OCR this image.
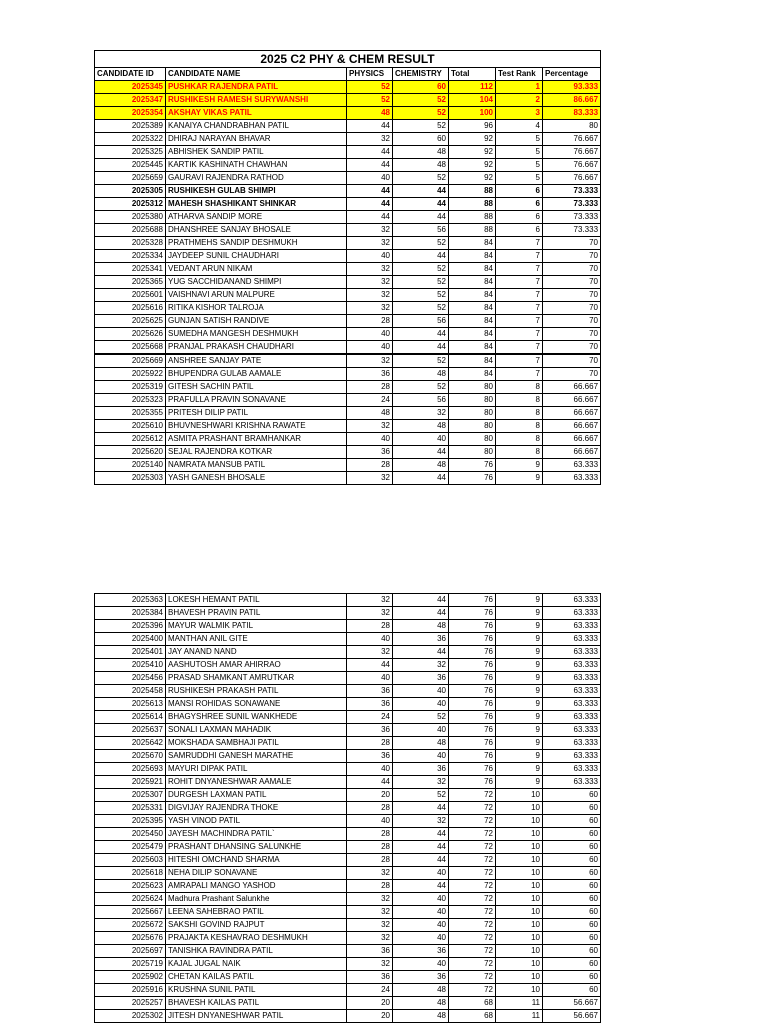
2025 C2 PHY & CHEM RESULT						
CANDIDATE ID	CANDIDATE NAME	PHYSICS	CHEMISTRY	Total	Test Rank	Percentage
2025345	PUSHKAR RAJENDRA PATIL	52	60	112	1	93.333
2025347	RUSHIKESH RAMESH SURYWANSHI	52	52	104	2	86.667
2025354	AKSHAY VIKAS PATIL	48	52	100	3	83.333
2025389	KANAIYA CHANDRABHAN PATIL	44	52	96	4	80
2025322	DHIRAJ NARAYAN BHAVAR	32	60	92	5	76.667
2025325	ABHISHEK SANDIP PATIL	44	48	92	5	76.667
2025445	KARTIK KASHINATH CHAWHAN	44	48	92	5	76.667
2025659	GAURAVI RAJENDRA RATHOD	40	52	92	5	76.667
2025305	RUSHIKESH GULAB SHIMPI	44	44	88	6	73.333
2025312	MAHESH SHASHIKANT SHINKAR	44	44	88	6	73.333
2025380	ATHARVA SANDIP MORE	44	44	88	6	73.333
2025688	DHANSHREE SANJAY BHOSALE	32	56	88	6	73.333
2025328	PRATHMEHS SANDIP DESHMUKH	32	52	84	7	70
2025334	JAYDEEP SUNIL CHAUDHARI	40	44	84	7	70
2025341	VEDANT ARUN NIKAM	32	52	84	7	70
2025365	YUG SACCHIDANAND SHIMPI	32	52	84	7	70
2025601	VAISHNAVI ARUN MALPURE	32	52	84	7	70
2025616	RITIKA KISHOR TALROJA	32	52	84	7	70
2025625	GUNJAN SATISH RANDIVE	28	56	84	7	70
2025626	SUMEDHA MANGESH DESHMUKH	40	44	84	7	70
2025668	PRANJAL PRAKASH CHAUDHARI	40	44	84	7	70
2025669	ANSHREE SANJAY PATE	32	52	84	7	70
2025922	BHUPENDRA GULAB AAMALE	36	48	84	7	70
2025319	GITESH SACHIN PATIL	28	52	80	8	66.667
2025323	PRAFULLA PRAVIN SONAVANE	24	56	80	8	66.667
2025355	PRITESH DILIP PATIL	48	32	80	8	66.667
2025610	BHUVNESHWARI KRISHNA RAWATE	32	48	80	8	66.667
2025612	ASMITA PRASHANT BRAMHANKAR	40	40	80	8	66.667
2025620	SEJAL RAJENDRA KOTKAR	36	44	80	8	66.667
2025140	NAMRATA MANSUB PATIL	28	48	76	9	63.333
2025303	YASH GANESH BHOSALE	32	44	76	9	63.333
2025363	LOKESH HEMANT PATIL	32	44	76	9	63.333
2025384	BHAVESH PRAVIN PATIL	32	44	76	9	63.333
2025396	MAYUR WALMIK PATIL	28	48	76	9	63.333
2025400	MANTHAN ANIL GITE	40	36	76	9	63.333
2025401	JAY ANAND NAND	32	44	76	9	63.333
2025410	AASHUTOSH AMAR AHIRRAO	44	32	76	9	63.333
2025456	PRASAD SHAMKANT AMRUTKAR	40	36	76	9	63.333
2025458	RUSHIKESH PRAKASH PATIL	36	40	76	9	63.333
2025613	MANSI ROHIDAS SONAWANE	36	40	76	9	63.333
2025614	BHAGYSHREE SUNIL WANKHEDE	24	52	76	9	63.333
2025637	SONALI LAXMAN MAHADIK	36	40	76	9	63.333
2025642	MOKSHADA SAMBHAJI PATIL	28	48	76	9	63.333
2025670	SAMRUDDHI GANESH MARATHE	36	40	76	9	63.333
2025693	MAYURI DIPAK PATIL	40	36	76	9	63.333
2025921	ROHIT DNYANESHWAR AAMALE	44	32	76	9	63.333
2025307	DURGESH LAXMAN PATIL	20	52	72	10	60
2025331	DIGVIJAY RAJENDRA THOKE	28	44	72	10	60
2025395	YASH VINOD PATIL	40	32	72	10	60
2025450	JAYESH MACHINDRA PATIL`	28	44	72	10	60
2025479	PRASHANT DHANSING SALUNKHE	28	44	72	10	60
2025603	HITESHI OMCHAND SHARMA	28	44	72	10	60
2025618	NEHA DILIP SONAVANE	32	40	72	10	60
2025623	AMRAPALI MANGO YASHOD	28	44	72	10	60
2025624	Madhura Prashant Salunkhe	32	40	72	10	60
2025667	LEENA SAHEBRAO PATIL	32	40	72	10	60
2025672	SAKSHI GOVIND RAJPUT	32	40	72	10	60
2025676	PRAJAKTA KESHAVRAO DESHMUKH	32	40	72	10	60
2025697	TANISHKA RAVINDRA PATIL	36	36	72	10	60
2025719	KAJAL JUGAL NAIK	32	40	72	10	60
2025902	CHETAN KAILAS PATIL	36	36	72	10	60
2025916	KRUSHNA SUNIL PATIL	24	48	72	10	60
2025257	BHAVESH KAILAS PATIL	20	48	68	11	56.667
2025302	JITESH DNYANESHWAR PATIL	20	48	68	11	56.667
